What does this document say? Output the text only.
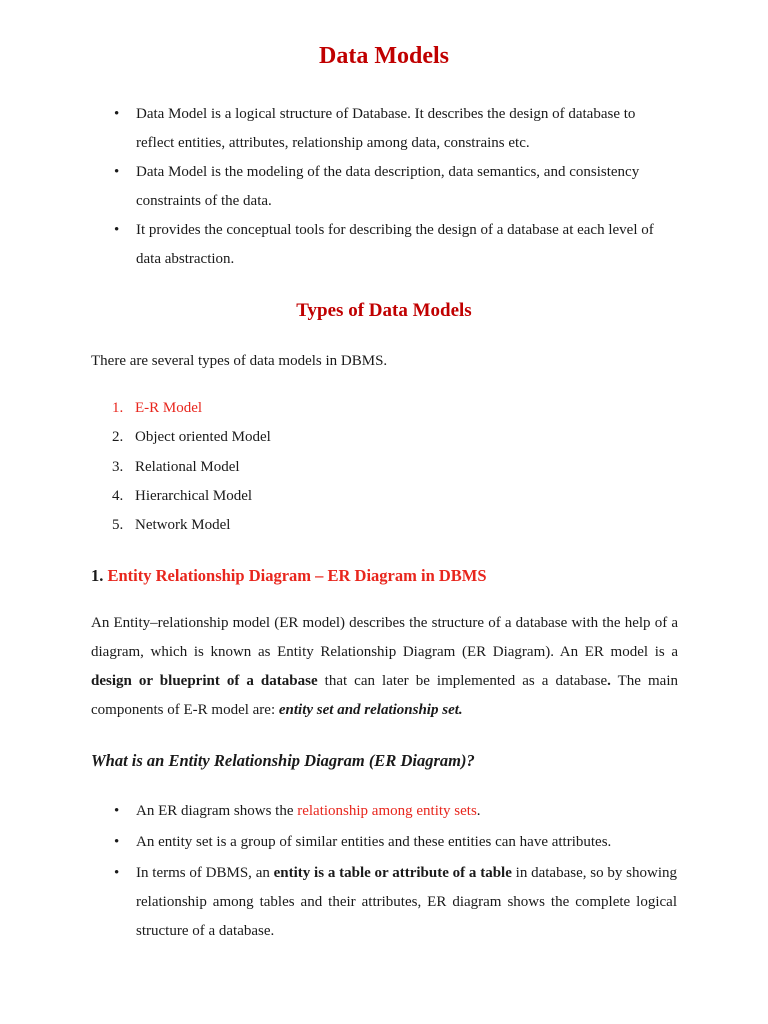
Data Models
• Data Model is a logical structure of Database. It describes the design of database to reflect entities, attributes, relationship among data, constrains etc.
• Data Model is the modeling of the data description, data semantics, and consistency constraints of the data.
• It provides the conceptual tools for describing the design of a database at each level of data abstraction.
Types of Data Models

There are several types of data models in DBMS.

1. E-R Model
2. Object oriented Model
3. Relational Model
4. Hierarchical Model
5. Network Model
1. Entity Relationship Diagram – ER Diagram in DBMS

An Entity–relationship model (ER model) describes the structure of a database with the help of a diagram, which is known as Entity Relationship Diagram (ER Diagram). An ER model is a design or blueprint of a database that can later be implemented as a database. The main components of E-R model are: entity set and relationship set.

What is an Entity Relationship Diagram (ER Diagram)?
• An ER diagram shows the relationship among entity sets.
• An entity set is a group of similar entities and these entities can have attributes.
• In terms of DBMS, an entity is a table or attribute of a table in database, so by showing relationship among tables and their attributes, ER diagram shows the complete logical structure of a database.
